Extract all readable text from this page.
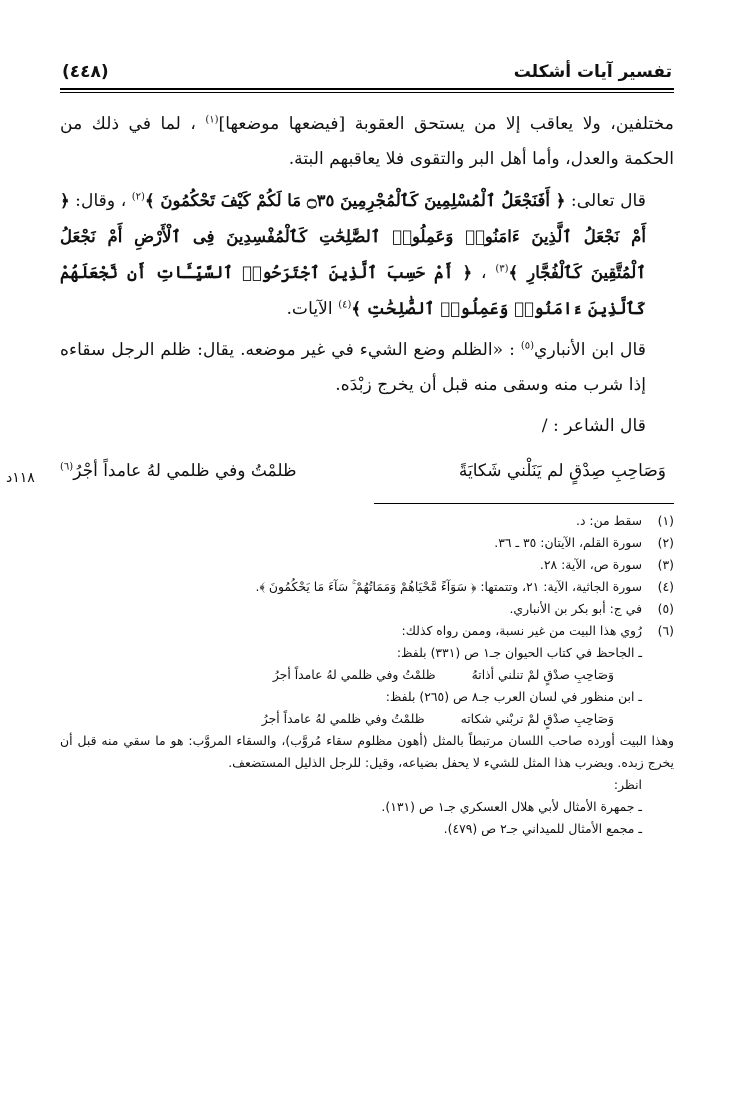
تفسير آيات أشكلت
(٤٤٨)

مختلفين، ولا يعاقب إلا من يستحق العقوبة [فيضعها موضعها]$^{(١)}$ ، لما في ذلك من الحكمة والعدل، وأما أهل البر والتقوى فلا يعاقبهم البتة.

قال تعالى: ﴿ أَفَنَجْعَلُ ٱلْمُسْلِمِينَ كَٱلْمُجْرِمِينَ ۝٣٥ مَا لَكُمْ كَيْفَ تَحْكُمُونَ ﴾$^{(٢)}$ ، وقال: ﴿ أَمْ نَجْعَلُ ٱلَّذِينَ ءَامَنُوا۟ وَعَمِلُوا۟ ٱلصَّٰلِحَٰتِ كَٱلْمُفْسِدِينَ فِى ٱلْأَرْضِ أَمْ نَجْعَلُ ٱلْمُتَّقِينَ كَٱلْفُجَّارِ ﴾$^{(٣)}$ ، ﴿ أَمْ حَسِبَ ٱلَّذِينَ ٱجْتَرَحُوا۟ ٱلسَّيِّـَٔاتِ أَن نَّجْعَلَهُمْ كَٱلَّذِينَ ءَامَنُوا۟ وَعَمِلُوا۟ ٱلصَّٰلِحَٰتِ ﴾$^{(٤)}$ الآيات.

قال ابن الأنباري$^{(٥)}$ : «الظلم وضع الشيء في غير موضعه. يقال: ظلم الرجل سقاءه إذا شرب منه وسقى منه قبل أن يخرج زبْدَه.

قال الشاعر : /

وَصَاحِبِ صِدْقٍ لم يَنَلْني شَكايَةً
ظلمْتُ وفي ظلمي لهُ عامداً أجْرُ$^{(٦)}$
(١)
سقط من: د.
(٢)
سورة القلم، الآيتان: ٣٥ ـ ٣٦.
(٣)
سورة ص، الآية: ٢٨.
(٤)
سورة الجاثية، الآية: ٢١، وتتمتها: ﴿ سَوَآءً مَّحْيَاهُمْ وَمَمَاتُهُمْ ۚ سَآءَ مَا يَحْكُمُونَ ﴾.
(٥)
في ج: أبو بكر بن الأنباري.
(٦)
رُوي هذا البيت من غير نسبة، وممن رواه كذلك:
ـ الجاحظ في كتاب الحيوان جـ١ ص (٣٣١) بلفظ:
وَصَاحِبِ صدْقٍ لمْ تنلني أذاتهُ
ظلمْتُ وفي ظلمي لهُ عامداً أجرُ
ـ ابن منظور في لسان العرب جـ٨ ص (٢٦٥) بلفظ:
وَصَاحِبِ صدْقٍ لمْ تربْني شكاته
ظلمْتُ وفي ظلمي لهُ عامداً أجرُ
وهذا البيت أورده صاحب اللسان مرتبطاً بالمثل (أهون مظلوم سقاء مُروَّب)، والسقاء المروَّب: هو ما سقي منه قبل أن يخرج زبده. ويضرب هذا المثل للشيء لا يحفل بضياعه، وقيل: للرجل الذليل المستضعف.
انظر:
ـ جمهرة الأمثال لأبي هلال العسكري جـ١ ص (١٣١).
ـ مجمع الأمثال للميداني جـ٢ ص (٤٧٩).
١١٨د
